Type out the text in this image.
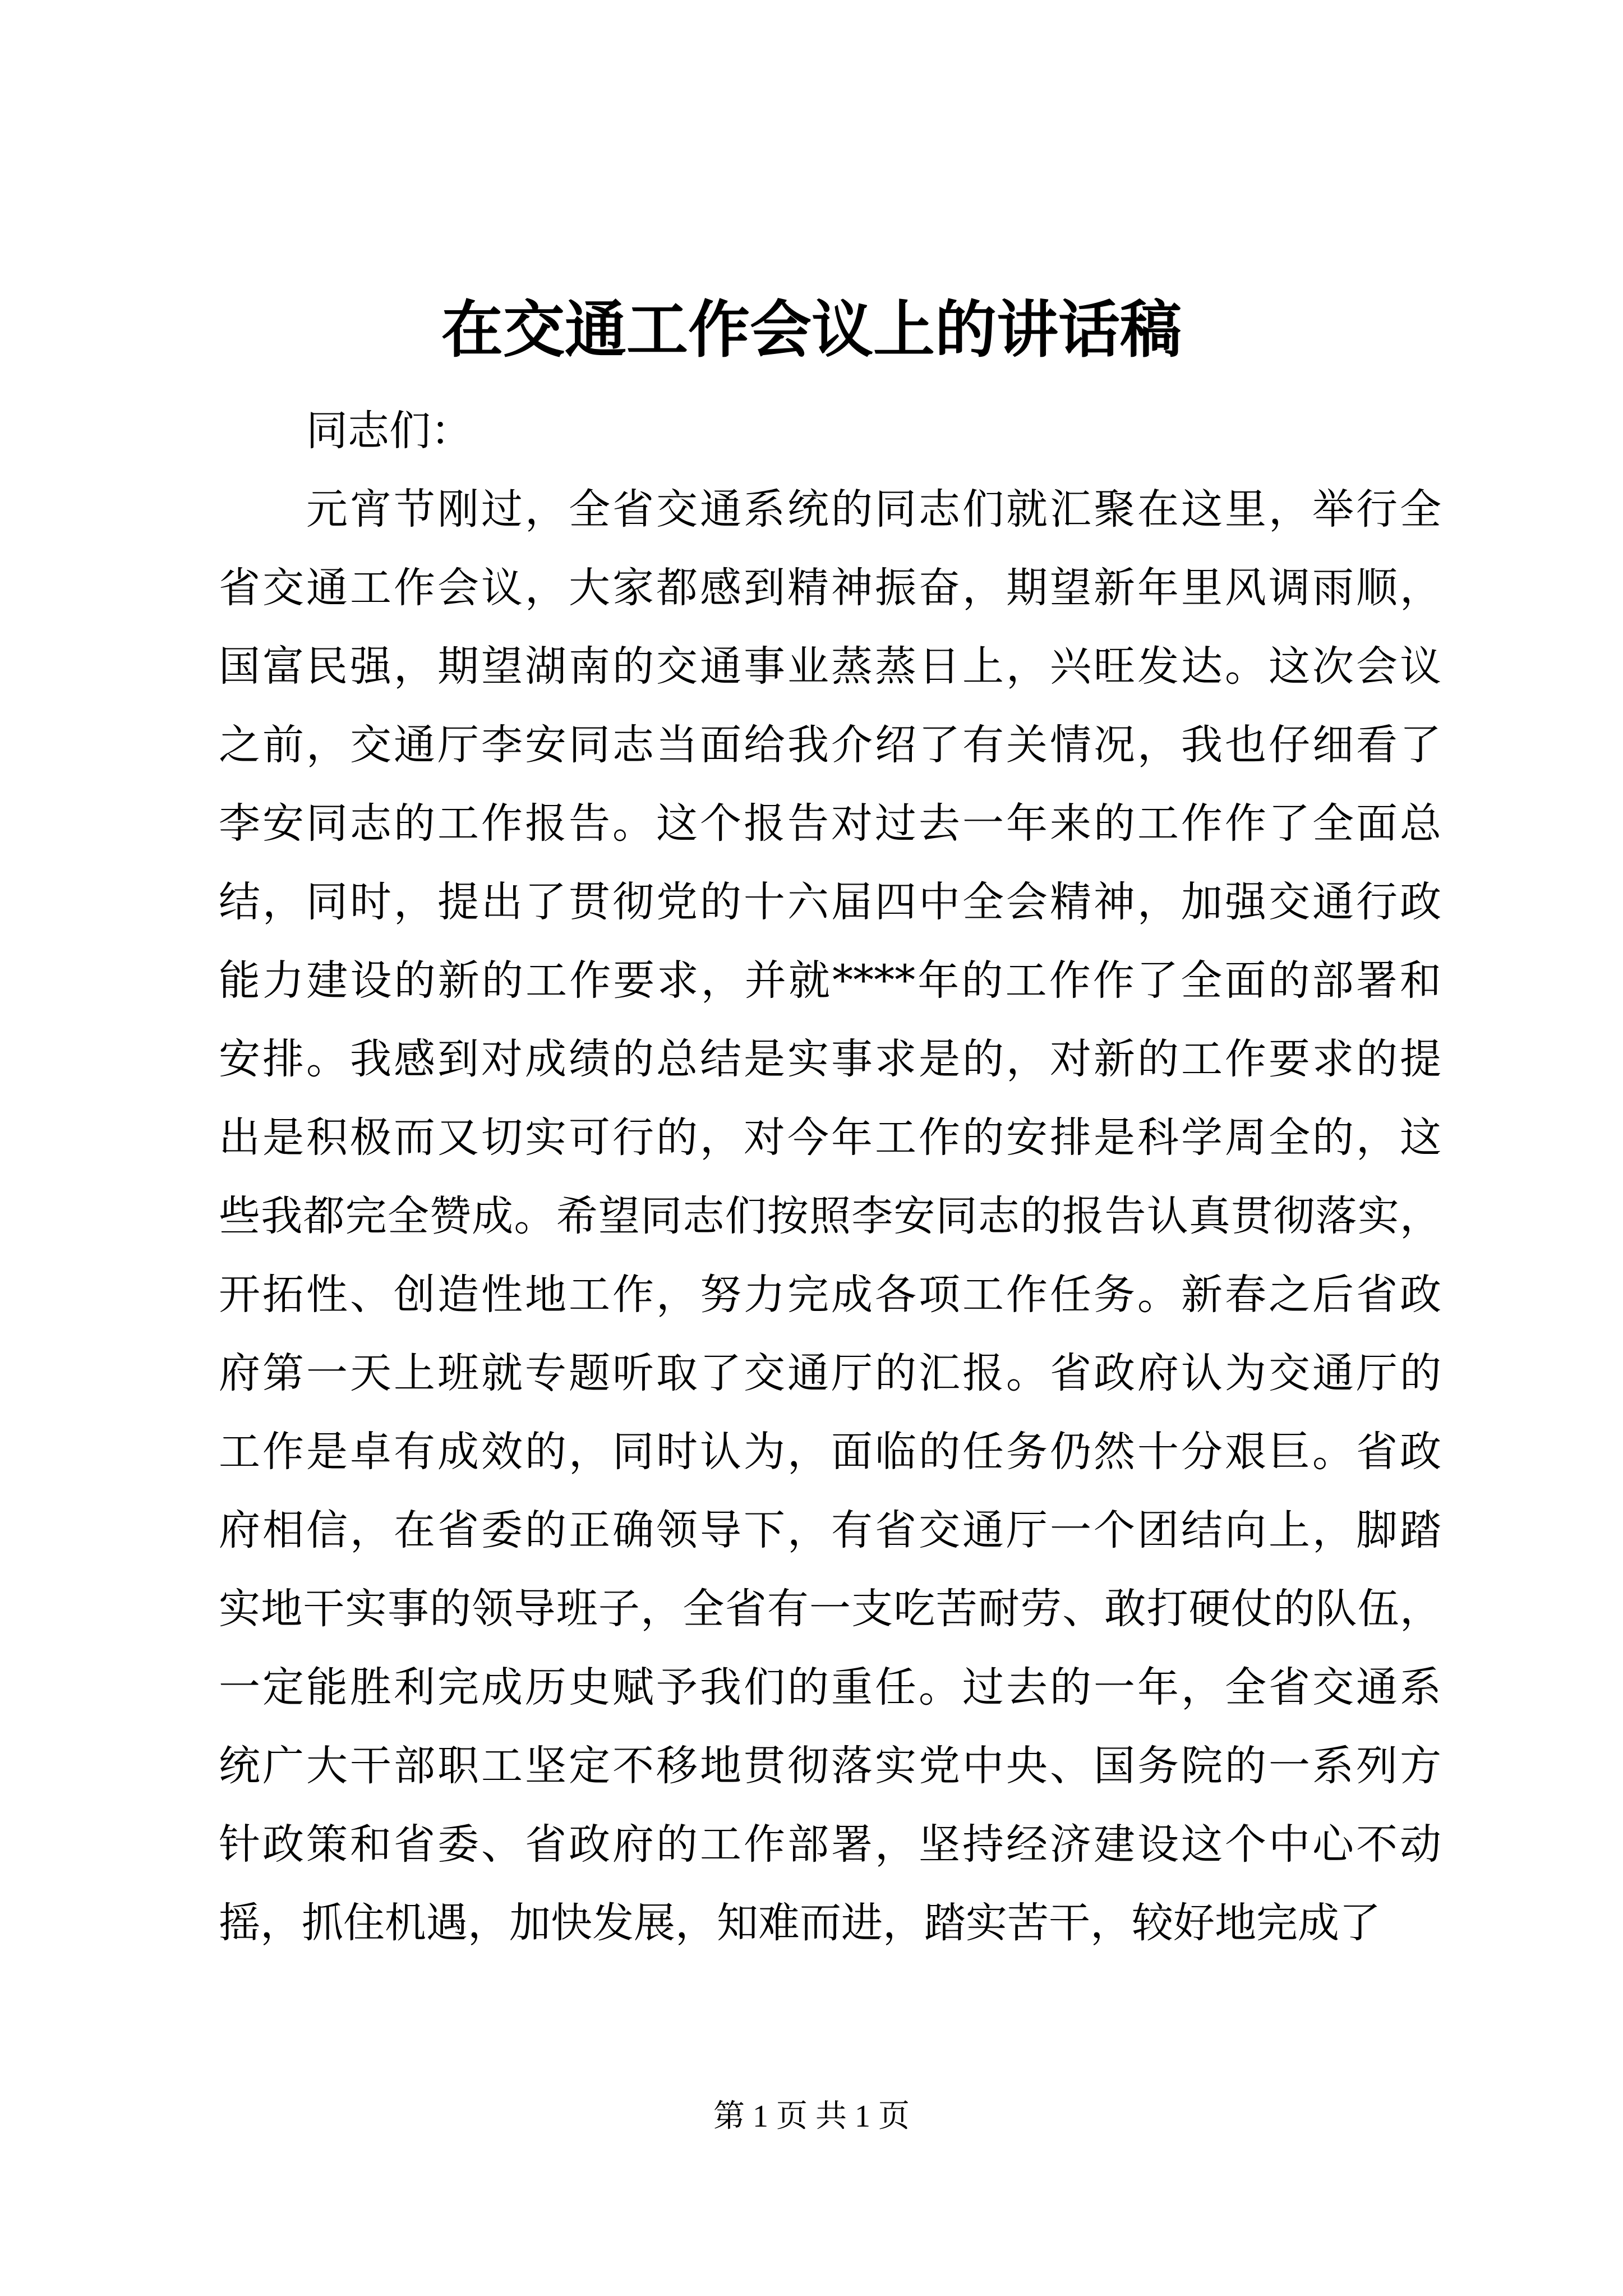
在交通工作会议上的讲话稿
同志们：
元宵节刚过，全省交通系统的同志们就汇聚在这里，举行全
省交通工作会议，大家都感到精神振奋，期望新年里风调雨顺，
国富民强，期望湖南的交通事业蒸蒸日上，兴旺发达。这次会议
之前，交通厅李安同志当面给我介绍了有关情况，我也仔细看了
李安同志的工作报告。这个报告对过去一年来的工作作了全面总
结，同时，提出了贯彻党的十六届四中全会精神，加强交通行政
能力建设的新的工作要求，并就****年的工作作了全面的部署和
安排。我感到对成绩的总结是实事求是的，对新的工作要求的提
出是积极而又切实可行的，对今年工作的安排是科学周全的，这
些我都完全赞成。希望同志们按照李安同志的报告认真贯彻落实，
开拓性、创造性地工作，努力完成各项工作任务。新春之后省政
府第一天上班就专题听取了交通厅的汇报。省政府认为交通厅的
工作是卓有成效的，同时认为，面临的任务仍然十分艰巨。省政
府相信，在省委的正确领导下，有省交通厅一个团结向上，脚踏
实地干实事的领导班子，全省有一支吃苦耐劳、敢打硬仗的队伍，
一定能胜利完成历史赋予我们的重任。过去的一年，全省交通系
统广大干部职工坚定不移地贯彻落实党中央、国务院的一系列方
针政策和省委、省政府的工作部署，坚持经济建设这个中心不动
摇，抓住机遇，加快发展，知难而进，踏实苦干，较好地完成了
第 1 页 共 1 页
